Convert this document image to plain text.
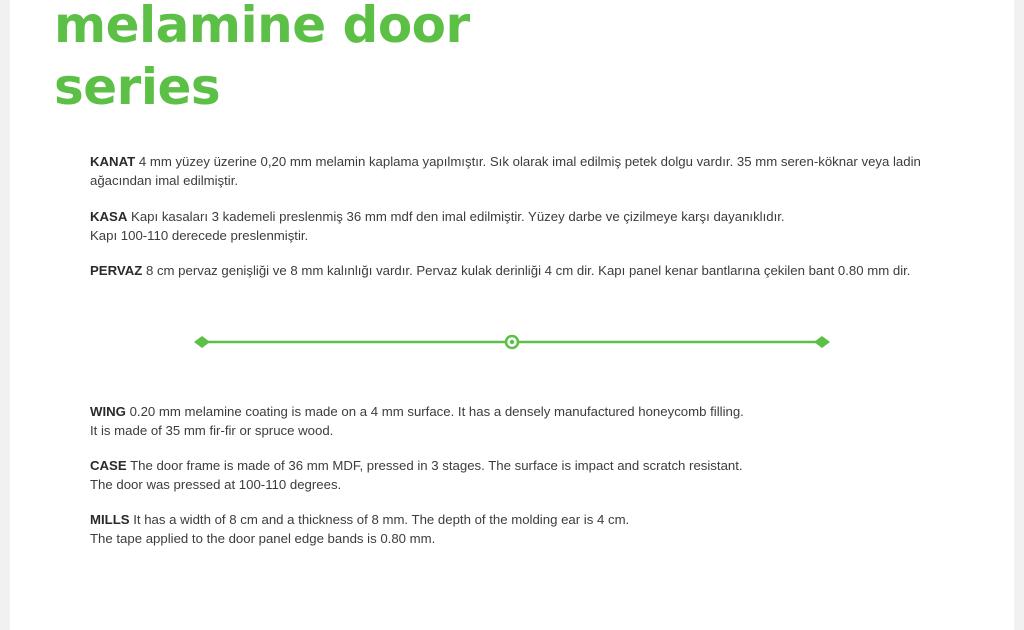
melamine door
series

KANAT 4 mm yüzey üzerine 0,20 mm melamin kaplama yapılmıştır. Sık olarak imal edilmiş petek dolgu vardır. 35 mm seren-köknar veya ladin ağacından imal edilmiştir.

KASA Kapı kasaları 3 kademeli preslenmiş 36 mm mdf den imal edilmiştir. Yüzey darbe ve çizilmeye karşı dayanıklıdır.
Kapı 100-110 derecede preslenmiştir.

PERVAZ 8 cm pervaz genişliği ve 8 mm kalınlığı vardır. Pervaz kulak derinliği 4 cm dir. Kapı panel kenar bantlarına çekilen bant 0.80 mm dir.

WING 0.20 mm melamine coating is made on a 4 mm surface. It has a densely manufactured honeycomb filling.
It is made of 35 mm fir-fir or spruce wood.

CASE The door frame is made of 36 mm MDF, pressed in 3 stages. The surface is impact and scratch resistant.
The door was pressed at 100-110 degrees.

MILLS It has a width of 8 cm and a thickness of 8 mm. The depth of the molding ear is 4 cm.
The tape applied to the door panel edge bands is 0.80 mm.
